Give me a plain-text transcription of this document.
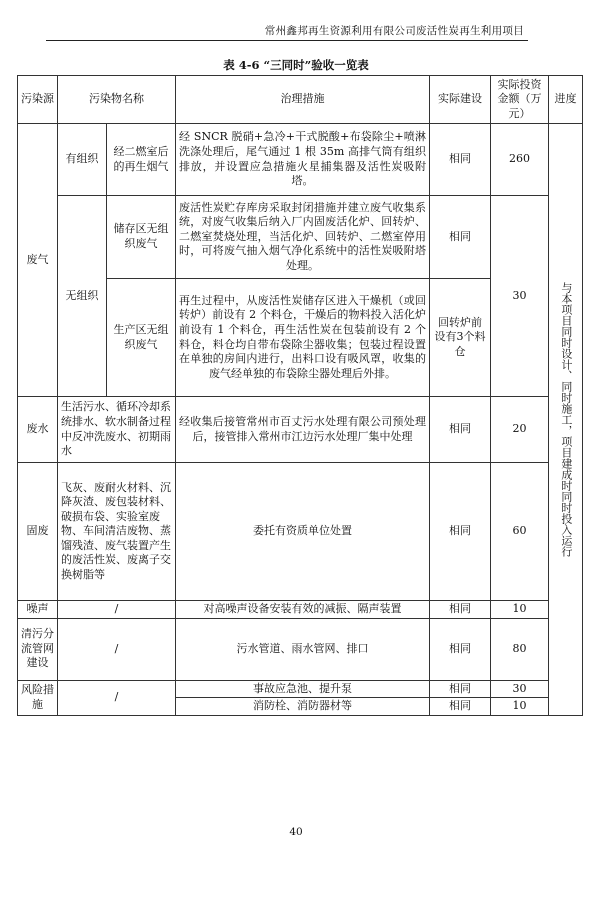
常州鑫邦再生资源利用有限公司废活性炭再生利用项目
表 4-6 “三同时”验收一览表
污染源	污染物名称		治理措施	实际建设	实际投资金额（万元）	进度
废气	有组织	经二燃室后的再生烟气	经 SNCR 脱硝+急冷+干式脱酸+布袋除尘+喷淋洗涤处理后，尾气通过 1 根 35m 高排气筒有组织排放，并设置应急措施火星捕集器及活性炭吸附塔。	相同	260	与本项目同时设计、同时施工，项目建成时同时投入运行

	无组织	储存区无组织废气	废活性炭贮存库房采取封闭措施并建立废气收集系统，对废气收集后纳入厂内固废活化炉、回转炉、二燃室焚烧处理，当活化炉、回转炉、二燃室停用时，可将废气抽入烟气净化系统中的活性炭吸附塔处理。	相同	30	
		生产区无组织废气	再生过程中，从废活性炭储存区进入干燥机（或回转炉）前设有 2 个料仓，干燥后的物料投入活化炉前设有 1 个料仓，再生活性炭在包装前设有 2 个料仓，料仓均自带布袋除尘器收集；包装过程设置在单独的房间内进行，出料口设有吸风罩，收集的废气经单独的布袋除尘器处理后外排。	回转炉前设有3个料仓		
废水	生活污水、循环冷却系统排水、软水制备过程中反冲洗废水、初期雨水		经收集后接管常州市百丈污水处理有限公司预处理后，接管排入常州市江边污水处理厂集中处理	相同	20	
固废	飞灰、废耐火材料、沉降灰渣、废包装材料、破损布袋、实验室废物、车间清洁废物、蒸馏残渣、废气装置产生的废活性炭、废离子交换树脂等		委托有资质单位处置	相同	60	
噪声	/		对高噪声设备安装有效的减振、隔声装置	相同	10	
清污分流管网建设	/		污水管道、雨水管网、排口	相同	80	
风险措施	/		事故应急池、提升泵	相同	30	
			消防栓、消防器材等	相同	10	
40
